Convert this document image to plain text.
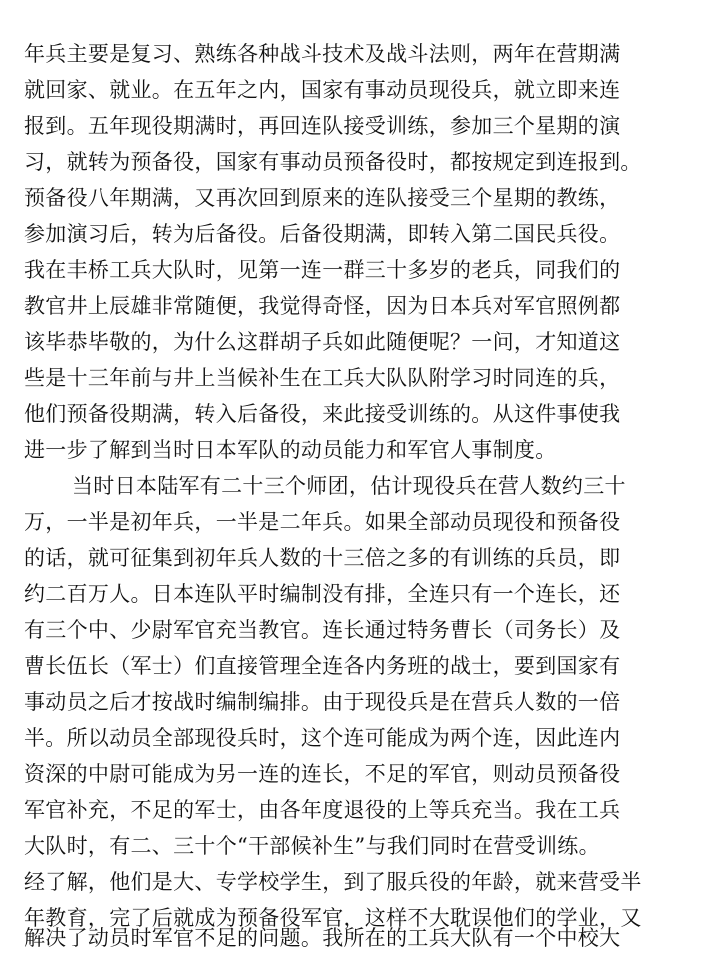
年兵主要是复习、熟练各种战斗技术及战斗法则，两年在营期满
就回家、就业。在五年之内，国家有事动员现役兵，就立即来连
报到。五年现役期满时，再回连队接受训练，参加三个星期的演
习，就转为预备役，国家有事动员预备役时，都按规定到连报到。
预备役八年期满，又再次回到原来的连队接受三个星期的教练，
参加演习后，转为后备役。后备役期满，即转入第二国民兵役。
我在丰桥工兵大队时，见第一连一群三十多岁的老兵，同我们的
教官井上辰雄非常随便，我觉得奇怪，因为日本兵对军官照例都
该毕恭毕敬的，为什么这群胡子兵如此随便呢？一问，才知道这
些是十三年前与井上当候补生在工兵大队队附学习时同连的兵，
他们预备役期满，转入后备役，来此接受训练的。从这件事使我
进一步了解到当时日本军队的动员能力和军官人事制度。
当时日本陆军有二十三个师团，估计现役兵在营人数约三十
万，一半是初年兵，一半是二年兵。如果全部动员现役和预备役
的话，就可征集到初年兵人数的十三倍之多的有训练的兵员，即
约二百万人。日本连队平时编制没有排，全连只有一个连长，还
有三个中、少尉军官充当教官。连长通过特务曹长（司务长）及
曹长伍长（军士）们直接管理全连各内务班的战士，要到国家有
事动员之后才按战时编制编排。由于现役兵是在营兵人数的一倍
半。所以动员全部现役兵时，这个连可能成为两个连，因此连内
资深的中尉可能成为另一连的连长，不足的军官，则动员预备役
军官补充，不足的军士，由各年度退役的上等兵充当。我在工兵
大队时，有二、三十个“干部候补生”与我们同时在营受训练。
经了解，他们是大、专学校学生，到了服兵役的年龄，就来营受半
年教育，完了后就成为预备役军官，这样不大耽误他们的学业，又
解决了动员时军官不足的问题。我所在的工兵大队有一个中校大
